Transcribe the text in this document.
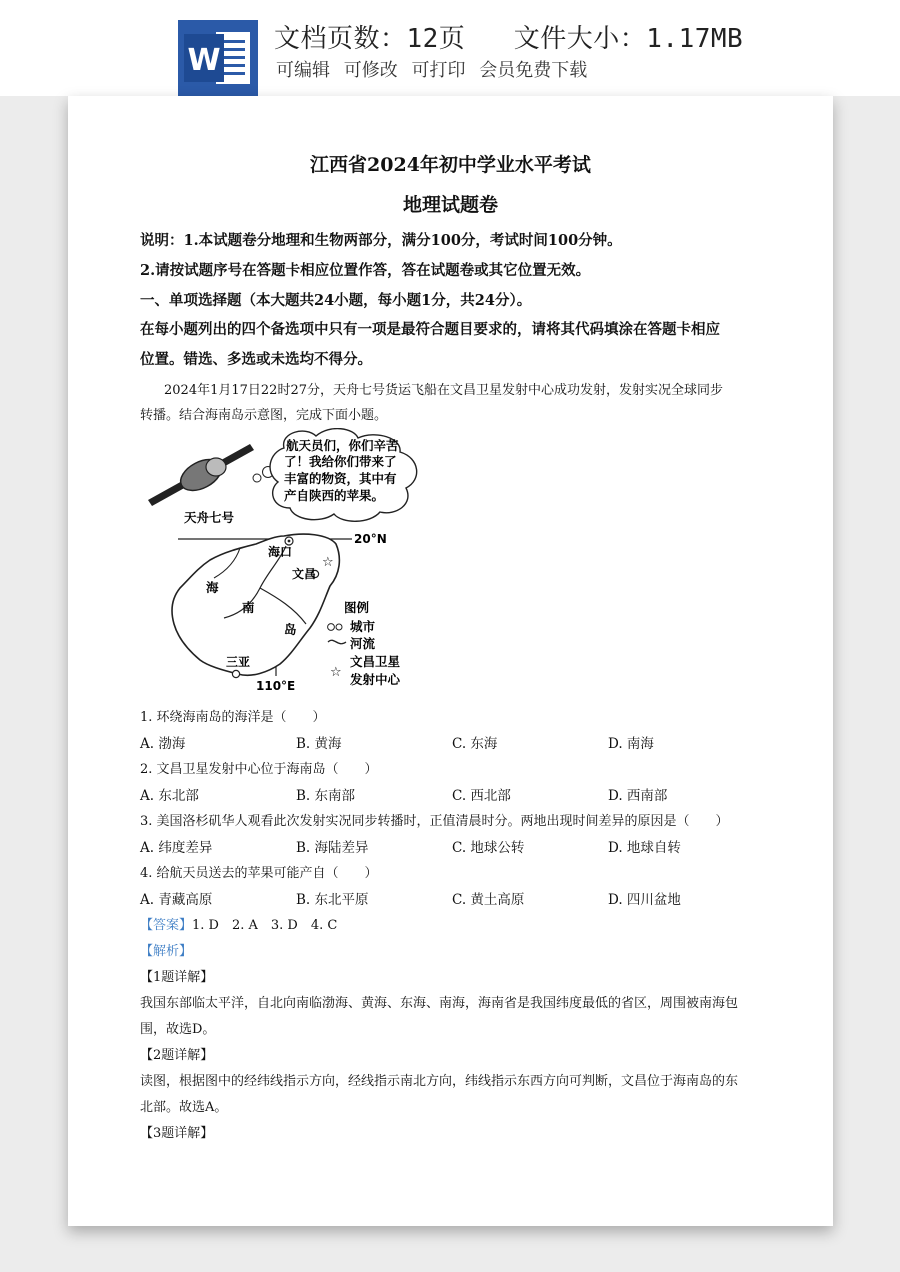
W
文档页数：12页 文件大小：1.17MB
可编辑 可修改 可打印 会员免费下载
江西省2024年初中学业水平考试
地理试题卷
说明：1.本试题卷分地理和生物两部分，满分100分，考试时间100分钟。
2.请按试题序号在答题卡相应位置作答，答在试题卷或其它位置无效。
一、单项选择题（本大题共24小题，每小题1分，共24分）。
在每小题列出的四个备选项中只有一项是最符合题目要求的，请将其代码填涂在答题卡相应
位置。错选、多选或未选均不得分。
2024年1月17日22时27分，天舟七号货运飞船在文昌卫星发射中心成功发射，发射实况全球同步
转播。结合海南岛示意图，完成下面小题。
天舟七号
航天员们，你们辛苦
了！我给你们带来了
丰富的物资，其中有
产自陕西的苹果。
20°N
110°E
海口
文昌
☆
三亚
海
南
岛
图例
城市
河流
☆
文昌卫星
发射中心
1. 环绕海南岛的海洋是（　　）
A. 渤海	B. 黄海	C. 东海	D. 南海
2. 文昌卫星发射中心位于海南岛（　　）
A. 东北部	B. 东南部	C. 西北部	D. 西南部
3. 美国洛杉矶华人观看此次发射实况同步转播时，正值清晨时分。两地出现时间差异的原因是（　　）
A. 纬度差异	B. 海陆差异	C. 地球公转	D. 地球自转
4. 给航天员送去的苹果可能产自（　　）
A. 青藏高原	B. 东北平原	C. 黄土高原	D. 四川盆地
【答案】1. D　2. A　3. D　4. C
【解析】
【1题详解】
我国东部临太平洋，自北向南临渤海、黄海、东海、南海，海南省是我国纬度最低的省区，周围被南海包
围，故选D。
【2题详解】
读图，根据图中的经纬线指示方向，经线指示南北方向，纬线指示东西方向可判断，文昌位于海南岛的东
北部。故选A。
【3题详解】
